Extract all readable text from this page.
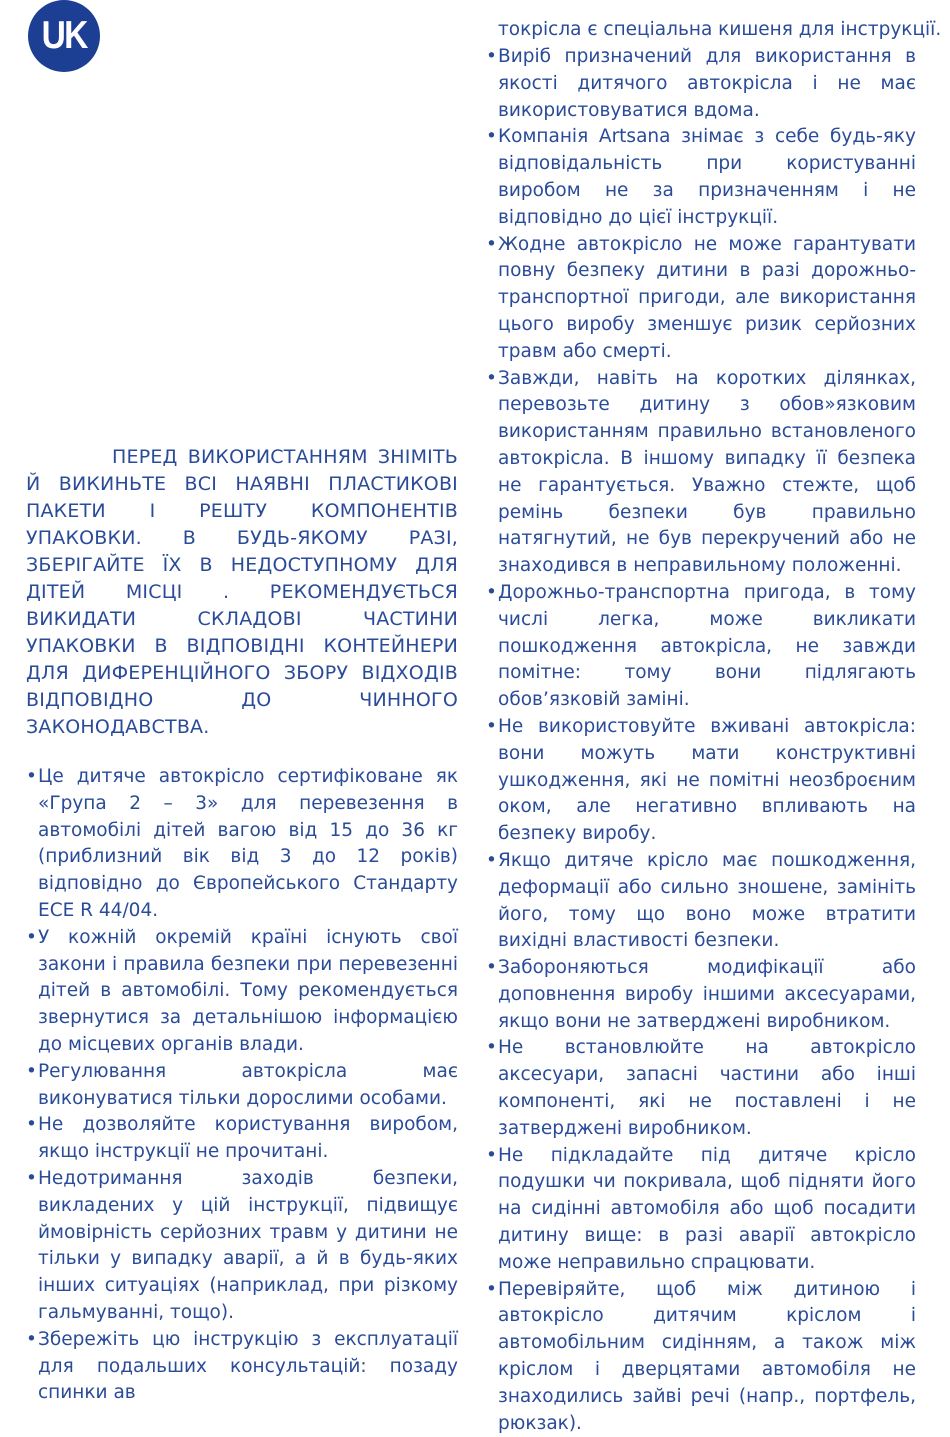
UK
ПЕРЕД ВИКОРИСТАННЯМ ЗНІМІТЬ Й ВИКИНЬТЕ ВСІ НАЯВНІ ПЛАСТИКОВІ ПАКЕТИ І РЕШТУ КОМПОНЕНТІВ УПАКОВКИ. В БУДЬ-ЯКОМУ РАЗІ, ЗБЕРІГАЙТЕ ЇХ В НЕДОСТУПНОМУ ДЛЯ ДІТЕЙ МІСЦІ . РЕКОМЕНДУЄТЬСЯ ВИКИДАТИ СКЛАДОВІ ЧАСТИНИ УПАКОВКИ В ВІДПОВІДНІ КОНТЕЙНЕРИ ДЛЯ ДИФЕРЕНЦІЙНОГО ЗБОРУ ВІДХОДІВ ВІДПОВІДНО ДО ЧИННОГО ЗАКОНОДАВСТВА.
• Це дитяче автокрісло сертифіковане як «Група 2 – 3» для перевезення в автомобілі дітей вагою від 15 до 36 кг (приблизний вік від 3 до 12 років) відповідно до Європейського Стандарту ECE R 44/04.
• У кожній окремій країні існують свої закони і правила безпеки при перевезенні дітей в автомобілі. Тому рекомендується звернутися за детальнішою інформацією до місцевих органів влади.
• Регулювання автокрісла має виконуватися тільки дорослими особами.
• Не дозволяйте користування виробом, якщо інструкції не прочитані.
• Недотримання заходів безпеки, викладених у цій інструкції, підвищує ймовірність серйозних травм у дитини не тільки у випадку аварії, а й в будь-яких інших ситуаціях (наприклад, при різкому гальмуванні, тощо).
• Збережіть цю інструкцію з експлуатації для подальших консультацій: позаду спинки ав
токрісла є спеціальна кишеня для інструкції.
• Виріб призначений для використання в якості дитячого автокрісла і не має використовуватися вдома.
• Компанія Artsana знімає з себе будь-яку відповідальність при користуванні виробом не за призначенням і не відповідно до цієї інструкції.
• Жодне автокрісло не може гарантувати повну безпеку дитини в разі дорожньо-транспортної пригоди, але використання цього виробу зменшує ризик серйозних травм або смерті.
• Завжди, навіть на коротких ділянках, перевозьте дитину з обов»язковим використанням правильно встановленого автокрісла. В іншому випадку її безпека не гарантується. Уважно стежте, щоб ремінь безпеки був правильно натягнутий, не був перекручений або не знаходився в неправильному положенні.
• Дорожньо-транспортна пригода, в тому числі легка, може викликати пошкодження автокрісла, не завжди помітне: тому вони підлягають обов’язковій заміні.
• Не використовуйте вживані автокрісла: вони можуть мати конструктивні ушкодження, які не помітні неозброєним оком, але негативно впливають на безпеку виробу.
• Якщо дитяче крісло має пошкодження, деформації або сильно зношене, замініть його, тому що воно може втратити вихідні властивості безпеки.
• Забороняються модифікації або доповнення виробу іншими аксесуарами, якщо вони не затверджені виробником.
• Не встановлюйте на автокрісло аксесуари, запасні частини або інші компоненті, які не поставлені і не затверджені виробником.
• Не підкладайте під дитяче крісло подушки чи покривала, щоб підняти його на сидінні автомобіля або щоб посадити дитину вище: в разі аварії автокрісло може неправильно спрацювати.
• Перевіряйте, щоб між дитиною і автокрісло дитячим кріслом і автомобільним сидінням, а також між кріслом і дверцятами автомобіля не знаходились зайві речі (напр., портфель, рюкзак).
